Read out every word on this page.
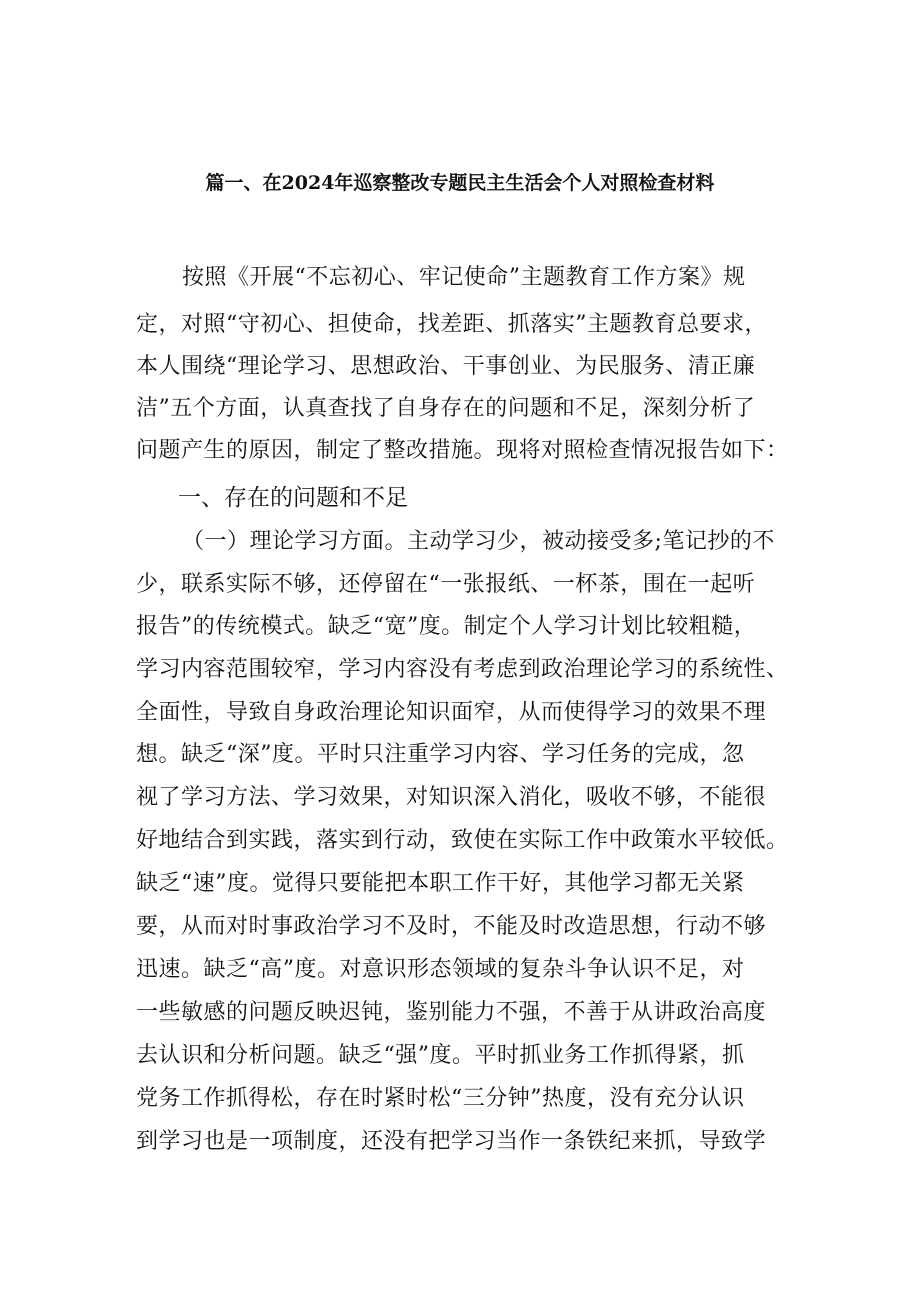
篇一、在2024年巡察整改专题民主生活会个人对照检查材料
按照《开展“不忘初心、牢记使命”主题教育工作方案》规
定，对照“守初心、担使命，找差距、抓落实”主题教育总要求，
本人围绕“理论学习、思想政治、干事创业、为民服务、清正廉
洁”五个方面，认真查找了自身存在的问题和不足，深刻分析了
问题产生的原因，制定了整改措施。现将对照检查情况报告如下：
一、存在的问题和不足
（一）理论学习方面。主动学习少，被动接受多;笔记抄的不
少，联系实际不够，还停留在“一张报纸、一杯茶，围在一起听
报告”的传统模式。缺乏“宽”度。制定个人学习计划比较粗糙，
学习内容范围较窄，学习内容没有考虑到政治理论学习的系统性、
全面性，导致自身政治理论知识面窄，从而使得学习的效果不理
想。缺乏“深”度。平时只注重学习内容、学习任务的完成，忽
视了学习方法、学习效果，对知识深入消化，吸收不够，不能很
好地结合到实践，落实到行动，致使在实际工作中政策水平较低。
缺乏“速”度。觉得只要能把本职工作干好，其他学习都无关紧
要，从而对时事政治学习不及时，不能及时改造思想，行动不够
迅速。缺乏“高”度。对意识形态领域的复杂斗争认识不足，对
一些敏感的问题反映迟钝，鉴别能力不强，不善于从讲政治高度
去认识和分析问题。缺乏“强”度。平时抓业务工作抓得紧，抓
党务工作抓得松，存在时紧时松“三分钟”热度，没有充分认识
到学习也是一项制度，还没有把学习当作一条铁纪来抓，导致学
